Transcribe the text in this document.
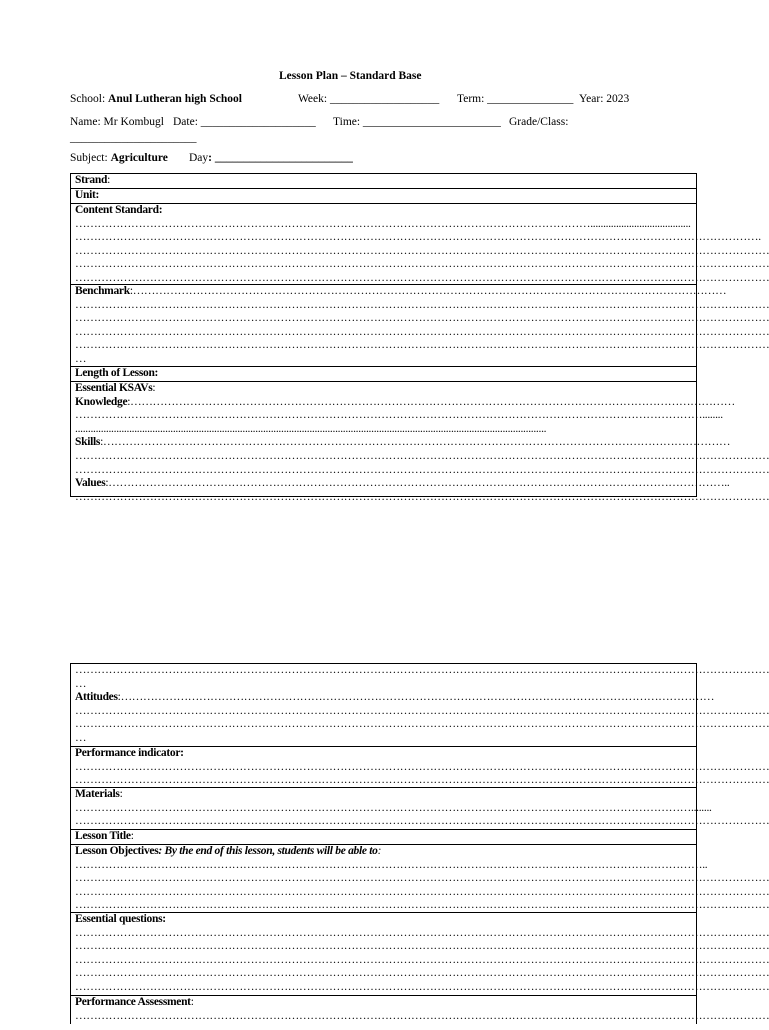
Lesson Plan – Standard Base
School: Anul Lutheran high School	Week: ___________________ Term: _______________ Year: 2023
Name: Mr Kombugl Date: ____________________ Time: ________________________ Grade/Class:
______________________
Subject: Agriculture Day: ________________________
Strand:
Unit:
Content Standard:
………………………………………………………………………………………………………………………….......................................
………………………………………………………………………………………………………………………………………………………………….
……………………………………………………………………………………………………………………………………………………………………
……………………………………………………………………………………………………………………………………………………………………
……………………………………………………………………………………………………………………………………………………………………
Benchmark:……………………………………………………………………………………………………………………………………………
……………………………………………………………………………………………………………………………………………………………………
……………………………………………………………………………………………………………………………………………………………………
……………………………………………………………………………………………………………………………………………………………………
……………………………………………………………………………………………………………………………………………………………………
…
Length of Lesson:
Essential KSAVs:
Knowledge:………………………………………………………………………………………………………………………………………………
……………………………………………………………………………………………………………………………………………………........
.......................................................................................................................................................................................
Skills:……………………………………………………………………………………………………………………………………………………
……………………………………………………………………………………………………………………………………………………………………
……………………………………………………………………………………………………………………………………………………………………
Values:…………………………………………………………………………………………………………………………………………………..
……………………………………………………………………………………………………………………………………………………………………
……………………………………………………………………………………………………………………………………………………………………
…
Attitudes:……………………………………………………………………………………………………………………………………………
……………………………………………………………………………………………………………………………………………………………………
……………………………………………………………………………………………………………………………………………………………………
…
Performance indicator:
……………………………………………………………………………………………………………………………………………………………………
……………………………………………………………………………………………………………………………………………………………………
Materials:
…………………………………………………………………………………………………………………………………………………........
……………………………………………………………………………………………………………………………………………………………………
Lesson Title:
Lesson Objectives: By the end of this lesson, students will be able to:
……………………………………………………………………………………………………………………………………………………..
……………………………………………………………………………………………………………………………………………………………………
……………………………………………………………………………………………………………………………………………………………………
……………………………………………………………………………………………………………………………………………………………………
Essential questions:
……………………………………………………………………………………………………………………………………………………………………
……………………………………………………………………………………………………………………………………………………………………
……………………………………………………………………………………………………………………………………………………………………
……………………………………………………………………………………………………………………………………………………………………
……………………………………………………………………………………………………………………………………………………………………
Performance Assessment:
……………………………………………………………………………………………………………………………………………………………………
